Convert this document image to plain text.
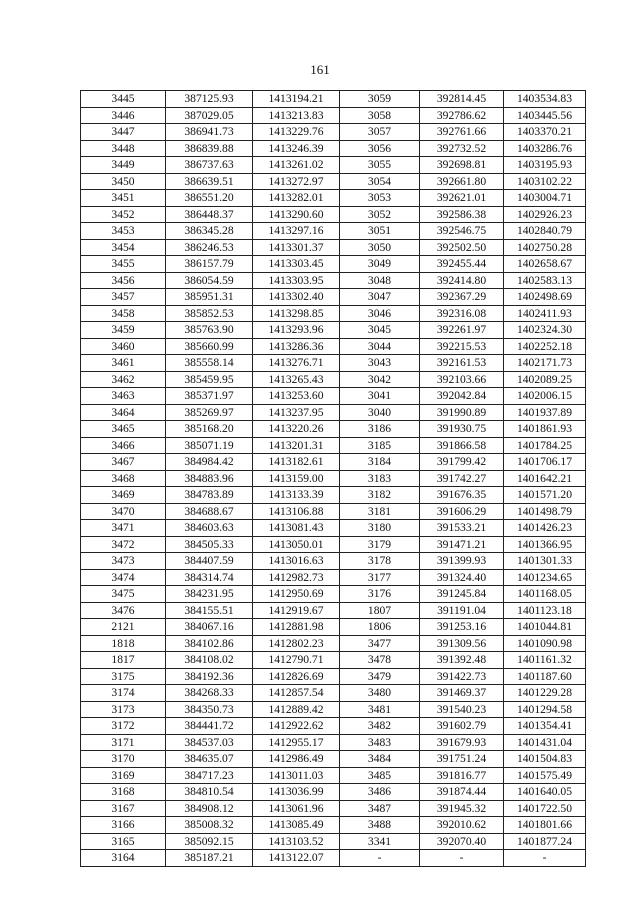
161
3445	387125.93	1413194.21	3059	392814.45	1403534.83
3446	387029.05	1413213.83	3058	392786.62	1403445.56
3447	386941.73	1413229.76	3057	392761.66	1403370.21
3448	386839.88	1413246.39	3056	392732.52	1403286.76
3449	386737.63	1413261.02	3055	392698.81	1403195.93
3450	386639.51	1413272.97	3054	392661.80	1403102.22
3451	386551.20	1413282.01	3053	392621.01	1403004.71
3452	386448.37	1413290.60	3052	392586.38	1402926.23
3453	386345.28	1413297.16	3051	392546.75	1402840.79
3454	386246.53	1413301.37	3050	392502.50	1402750.28
3455	386157.79	1413303.45	3049	392455.44	1402658.67
3456	386054.59	1413303.95	3048	392414.80	1402583.13
3457	385951.31	1413302.40	3047	392367.29	1402498.69
3458	385852.53	1413298.85	3046	392316.08	1402411.93
3459	385763.90	1413293.96	3045	392261.97	1402324.30
3460	385660.99	1413286.36	3044	392215.53	1402252.18
3461	385558.14	1413276.71	3043	392161.53	1402171.73
3462	385459.95	1413265.43	3042	392103.66	1402089.25
3463	385371.97	1413253.60	3041	392042.84	1402006.15
3464	385269.97	1413237.95	3040	391990.89	1401937.89
3465	385168.20	1413220.26	3186	391930.75	1401861.93
3466	385071.19	1413201.31	3185	391866.58	1401784.25
3467	384984.42	1413182.61	3184	391799.42	1401706.17
3468	384883.96	1413159.00	3183	391742.27	1401642.21
3469	384783.89	1413133.39	3182	391676.35	1401571.20
3470	384688.67	1413106.88	3181	391606.29	1401498.79
3471	384603.63	1413081.43	3180	391533.21	1401426.23
3472	384505.33	1413050.01	3179	391471.21	1401366.95
3473	384407.59	1413016.63	3178	391399.93	1401301.33
3474	384314.74	1412982.73	3177	391324.40	1401234.65
3475	384231.95	1412950.69	3176	391245.84	1401168.05
3476	384155.51	1412919.67	1807	391191.04	1401123.18
2121	384067.16	1412881.98	1806	391253.16	1401044.81
1818	384102.86	1412802.23	3477	391309.56	1401090.98
1817	384108.02	1412790.71	3478	391392.48	1401161.32
3175	384192.36	1412826.69	3479	391422.73	1401187.60
3174	384268.33	1412857.54	3480	391469.37	1401229.28
3173	384350.73	1412889.42	3481	391540.23	1401294.58
3172	384441.72	1412922.62	3482	391602.79	1401354.41
3171	384537.03	1412955.17	3483	391679.93	1401431.04
3170	384635.07	1412986.49	3484	391751.24	1401504.83
3169	384717.23	1413011.03	3485	391816.77	1401575.49
3168	384810.54	1413036.99	3486	391874.44	1401640.05
3167	384908.12	1413061.96	3487	391945.32	1401722.50
3166	385008.32	1413085.49	3488	392010.62	1401801.66
3165	385092.15	1413103.52	3341	392070.40	1401877.24
3164	385187.21	1413122.07	-	-	-
